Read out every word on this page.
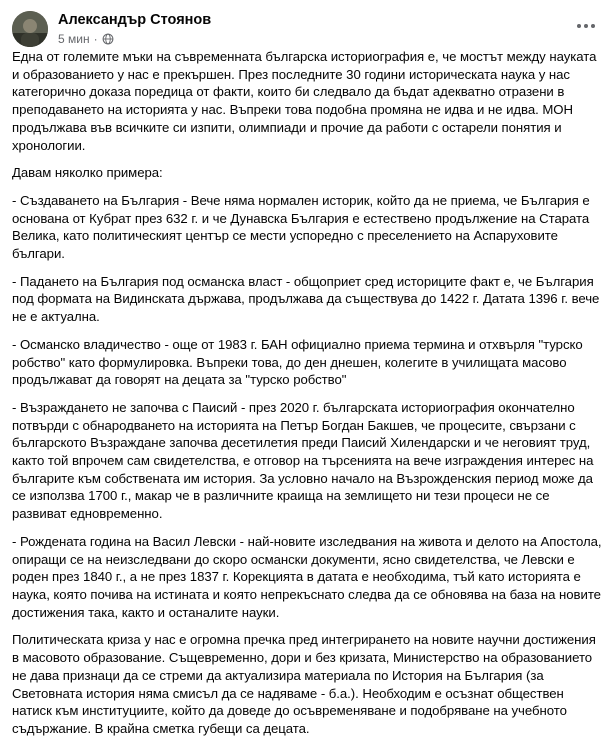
Александър Стоянов
5 мин ·

Една от големите мъки на съвременната българска историография е, че мостът между науката и образованието у нас е прекършен. През последните 30 години историческата наука у нас категорично доказа поредица от факти, които би следвало да бъдат адекватно отразени в преподаването на историята у нас. Въпреки това подобна промяна не идва и не идва. МОН продължава във всичките си изпити, олимпиади и прочие да работи с остарели понятия и хронологии.

Давам няколко примера:

- Създаването на България - Вече няма нормален историк, който да не приема, че България е основана от Кубрат през 632 г. и че Дунавска България е естествено продължение на Старата Велика, като политическият център се мести успоредно с преселението на Аспаруховите българи.

- Падането на България под османска власт - общоприет сред историците факт е, че България под формата на Видинската държава, продължава да съществува до 1422 г. Датата 1396 г. вече не е актуална.

- Османско владичество - още от 1983 г. БАН официално приема термина и отхвърля "турско робство" като формулировка. Въпреки това, до ден днешен, колегите в училищата масово продължават да говорят на децата за "турско робство"

- Възраждането не започва с Паисий - през 2020 г. българската историография окончателно потвърди с обнародването на историята на Петър Богдан Бакшев, че процесите, свързани с българското Възраждане започва десетилетия преди Паисий Хилендарски и че неговият труд, както той впрочем сам свидетелства, е отговор на търсенията на вече изграждения интерес на българите към собствената им история. За условно начало на Възрожденския период може да се използва 1700 г., макар че в различните краища на землището ни тези процеси не се развиват едновременно.

- Рождената година на Васил Левски - най-новите изследвания на живота и делото на Апостола, опиращи се на неизследвани до скоро османски документи, ясно свидетелства, че Левски е роден през 1840 г., а не през 1837 г. Корекцията в датата е необходима, тъй като историята е наука, която почива на истината и която непрекъснато следва да се обновява на база на новите достижения така, както и останалите науки.

Политическата криза у нас е огромна пречка пред интегрирането на новите научни достижения в масовото образование. Същевременно, дори и без кризата, Министерство на образованието не дава признаци да се стреми да актуализира материала по История на България (за Световната история няма смисъл да се надяваме - б.а.). Необходим е осъзнат обществен натиск към институциите, който да доведе до осъвременяване и подобряване на учебното съдържание. В крайна сметка губещи са децата.
